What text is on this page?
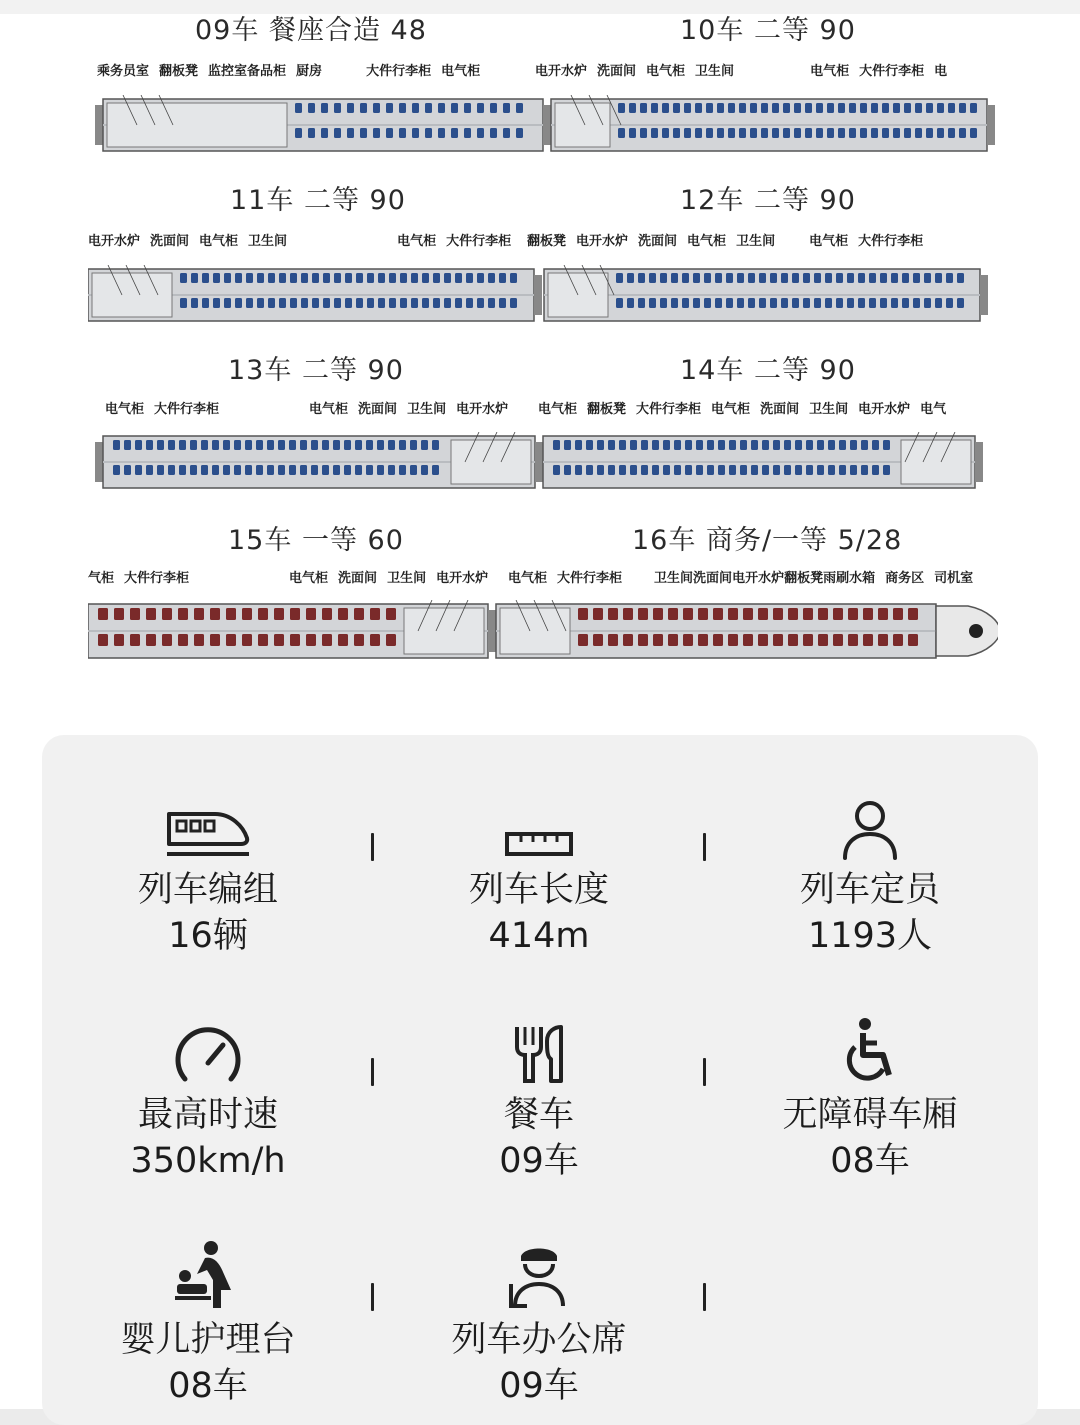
09车 餐座合造 48	10车 二等 90
乘务员室 翻板凳 监控室备品柜 厨房	大件行李柜 电气柜	电开水炉 洗面间 电气柜 卫生间	电气柜 大件行李柜 电
11车 二等 90	12车 二等 90
电开水炉 洗面间 电气柜 卫生间	电气柜 大件行李柜	翻板凳 电开水炉 洗面间 电气柜 卫生间	电气柜 大件行李柜
13车 二等 90	14车 二等 90
电气柜 大件行李柜	电气柜 洗面间 卫生间 电开水炉	电气柜 翻板凳 大件行李柜 电气柜 洗面间 卫生间 电开水炉 电气
15车 一等 60	16车 商务/一等 5/28
气柜 大件行李柜	电气柜 洗面间 卫生间 电开水炉	电气柜 大件行李柜 卫生间洗面间电开水炉翻板凳雨刷水箱 商务区 司机室
列车编组
16辆
列车长度
414m
列车定员
1193人
最高时速
350km/h
餐车
09车
无障碍车厢
08车
婴儿护理台
08车
列车办公席
09车
